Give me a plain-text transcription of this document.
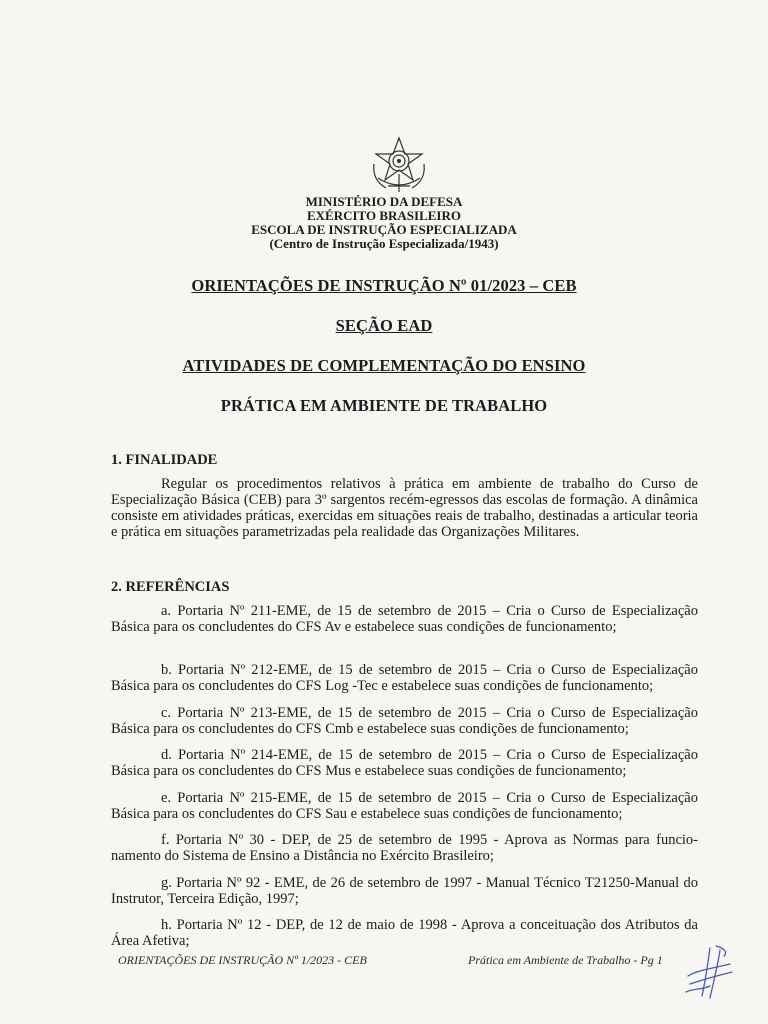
MINISTÉRIO DA DEFESA
EXÉRCITO BRASILEIRO
ESCOLA DE INSTRUÇÃO ESPECIALIZADA
(Centro de Instrução Especializada/1943)
ORIENTAÇÕES DE INSTRUÇÃO Nº 01/2023 – CEB
SEÇÃO EAD
ATIVIDADES DE COMPLEMENTAÇÃO DO ENSINO
PRÁTICA EM AMBIENTE DE TRABALHO
1. FINALIDADE
Regular os procedimentos relativos à prática em ambiente de trabalho do Curso de Especialização Básica (CEB) para 3º sargentos recém-egressos das escolas de formação. A dinâmica consiste em atividades práticas, exercidas em situações reais de trabalho, destinadas a articular teoria e prática em situações parametrizadas pela realidade das Organizações Militares.
2. REFERÊNCIAS
a. Portaria Nº 211-EME, de 15 de setembro de 2015 – Cria o Curso de Especialização Básica para os concludentes do CFS Av e estabelece suas condições de funcionamento;
b. Portaria Nº 212-EME, de 15 de setembro de 2015 – Cria o Curso de Especialização Básica para os concludentes do CFS Log -Tec e estabelece suas condições de funcionamento;
c. Portaria Nº 213-EME, de 15 de setembro de 2015 – Cria o Curso de Especialização Básica para os concludentes do CFS Cmb e estabelece suas condições de funcionamento;
d. Portaria Nº 214-EME, de 15 de setembro de 2015 – Cria o Curso de Especialização Básica para os concludentes do CFS Mus e estabelece suas condições de funcionamento;
e. Portaria Nº 215-EME, de 15 de setembro de 2015 – Cria o Curso de Especialização Básica para os concludentes do CFS Sau e estabelece suas condições de funcionamento;
f. Portaria Nº 30 - DEP, de 25 de setembro de 1995 - Aprova as Normas para funcio-namento do Sistema de Ensino a Distância no Exército Brasileiro;
g. Portaria Nº 92 - EME, de 26 de setembro de 1997 - Manual Técnico T21250-Manual do Instrutor, Terceira Edição, 1997;
h. Portaria Nº 12 - DEP, de 12 de maio de 1998 - Aprova a conceituação dos Atributos da Área Afetiva;
ORIENTAÇÕES DE INSTRUÇÃO Nº 1/2023 - CEB	Prática em Ambiente de Trabalho - Pg 1
